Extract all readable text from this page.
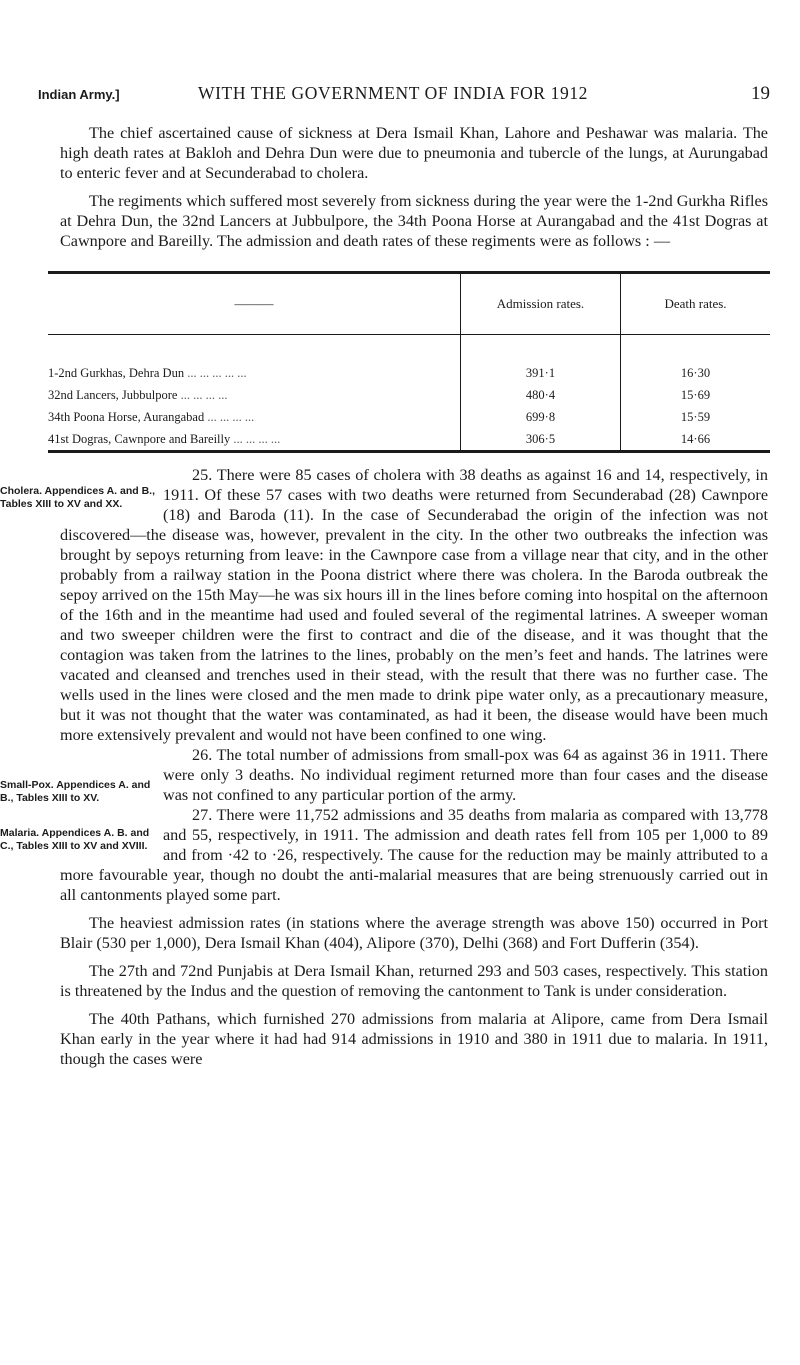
Indian Army.]	WITH THE GOVERNMENT OF INDIA FOR 1912	19

The chief ascertained cause of sickness at Dera Ismail Khan, Lahore and Peshawar was malaria. The high death rates at Bakloh and Dehra Dun were due to pneumonia and tubercle of the lungs, at Aurungabad to enteric fever and at Secunderabad to cholera.

The regiments which suffered most severely from sickness during the year were the 1-2nd Gurkha Rifles at Dehra Dun, the 32nd Lancers at Jubbulpore, the 34th Poona Horse at Aurangabad and the 41st Dogras at Cawnpore and Bareilly. The admission and death rates of these regiments were as follows : —

———	Admission rates.	Death rates.
1-2nd Gurkhas, Dehra Dun ... ... ... ... ...	391·1	16·30
32nd Lancers, Jubbulpore ... ... ... ...	480·4	15·69
34th Poona Horse, Aurangabad ... ... ... ...	699·8	15·59
41st Dogras, Cawnpore and Bareilly ... ... ... ...	306·5	14·66
Cholera. Appendices A. and B., Tables XIII to XV and XX.
25. There were 85 cases of cholera with 38 deaths as against 16 and 14, respectively, in 1911. Of these 57 cases with two deaths were returned from Secunderabad (28) Cawnpore (18) and Baroda (11). In the case of Secunderabad the origin of the infection was not discovered—the disease was, however, prevalent in the city. In the other two outbreaks the infection was brought by sepoys returning from leave: in the Cawnpore case from a village near that city, and in the other probably from a railway station in the Poona district where there was cholera. In the Baroda outbreak the sepoy arrived on the 15th May—he was six hours ill in the lines before coming into hospital on the afternoon of the 16th and in the meantime had used and fouled several of the regimental latrines. A sweeper woman and two sweeper children were the first to contract and die of the disease, and it was thought that the contagion was taken from the latrines to the lines, probably on the men’s feet and hands. The latrines were vacated and cleansed and trenches used in their stead, with the result that there was no further case. The wells used in the lines were closed and the men made to drink pipe water only, as a precautionary measure, but it was not thought that the water was contaminated, as had it been, the disease would have been much more extensively prevalent and would not have been confined to one wing.
Small-Pox. Appendices A. and B., Tables XIII to XV.
26. The total number of admissions from small-pox was 64 as against 36 in 1911. There were only 3 deaths. No individual regiment returned more than four cases and the disease was not confined to any particular portion of the army.
Malaria. Appendices A. B. and C., Tables XIII to XV and XVIII.
27. There were 11,752 admissions and 35 deaths from malaria as compared with 13,778 and 55, respectively, in 1911. The admission and death rates fell from 105 per 1,000 to 89 and from ·42 to ·26, respectively. The cause for the reduction may be mainly attributed to a more favourable year, though no doubt the anti-malarial measures that are being strenuously carried out in all cantonments played some part.

The heaviest admission rates (in stations where the average strength was above 150) occurred in Port Blair (530 per 1,000), Dera Ismail Khan (404), Alipore (370), Delhi (368) and Fort Dufferin (354).

The 27th and 72nd Punjabis at Dera Ismail Khan, returned 293 and 503 cases, respectively. This station is threatened by the Indus and the question of removing the cantonment to Tank is under consideration.

The 40th Pathans, which furnished 270 admissions from malaria at Alipore, came from Dera Ismail Khan early in the year where it had had 914 admissions in 1910 and 380 in 1911 due to malaria. In 1911, though the cases were
